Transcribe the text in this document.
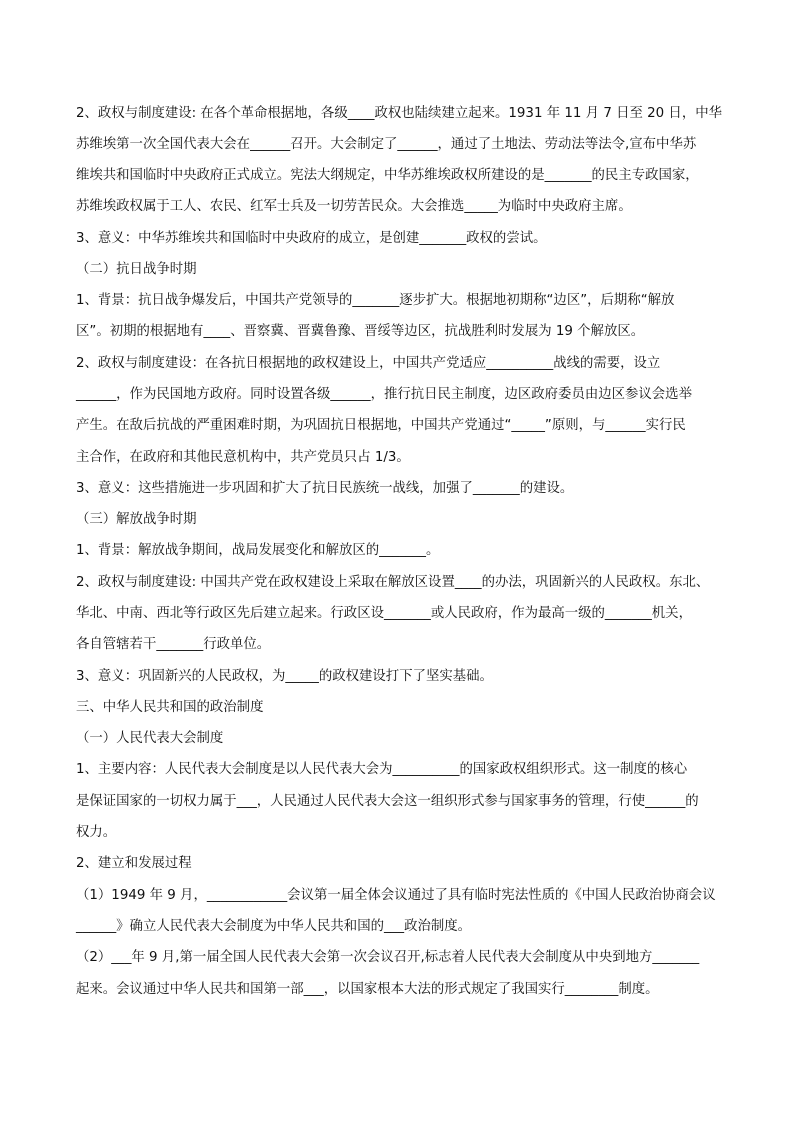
2、政权与制度建设: 在各个革命根据地，各级____政权也陆续建立起来。1931 年 11 月 7 日至 20 日，中华
苏维埃第一次全国代表大会在______召开。大会制定了______，通过了土地法、劳动法等法令,宣布中华苏
维埃共和国临时中央政府正式成立。宪法大纲规定，中华苏维埃政权所建设的是_______的民主专政国家，
苏维埃政权属于工人、农民、红军士兵及一切劳苦民众。大会推选_____为临时中央政府主席。
3、意义：中华苏维埃共和国临时中央政府的成立，是创建_______政权的尝试。
（二）抗日战争时期
1、背景：抗日战争爆发后，中国共产党领导的_______逐步扩大。根据地初期称“边区”，后期称“解放
区”。初期的根据地有____、晋察冀、晋冀鲁豫、晋绥等边区，抗战胜利时发展为 19 个解放区。
2、政权与制度建设：在各抗日根据地的政权建设上，中国共产党适应__________战线的需要，设立
______，作为民国地方政府。同时设置各级______，推行抗日民主制度，边区政府委员由边区参议会选举
产生。在敌后抗战的严重困难时期，为巩固抗日根据地，中国共产党通过“_____”原则，与______实行民
主合作，在政府和其他民意机构中，共产党员只占 1/3。
3、意义：这些措施进一步巩固和扩大了抗日民族统一战线，加强了_______的建设。
（三）解放战争时期
1、背景：解放战争期间，战局发展变化和解放区的_______。
2、政权与制度建设: 中国共产党在政权建设上采取在解放区设置____的办法，巩固新兴的人民政权。东北、
华北、中南、西北等行政区先后建立起来。行政区设_______或人民政府，作为最高一级的_______机关，
各自管辖若干_______行政单位。
3、意义：巩固新兴的人民政权，为_____的政权建设打下了坚实基础。
三、中华人民共和国的政治制度
（一）人民代表大会制度
1、主要内容：人民代表大会制度是以人民代表大会为__________的国家政权组织形式。这一制度的核心
是保证国家的一切权力属于___，人民通过人民代表大会这一组织形式参与国家事务的管理，行使______的
权力。
2、建立和发展过程
（1）1949 年 9 月，____________会议第一届全体会议通过了具有临时宪法性质的《中国人民政治协商会议
______》确立人民代表大会制度为中华人民共和国的___政治制度。
（2）___年 9 月,第一届全国人民代表大会第一次会议召开,标志着人民代表大会制度从中央到地方_______
起来。会议通过中华人民共和国第一部___，以国家根本大法的形式规定了我国实行________制度。
